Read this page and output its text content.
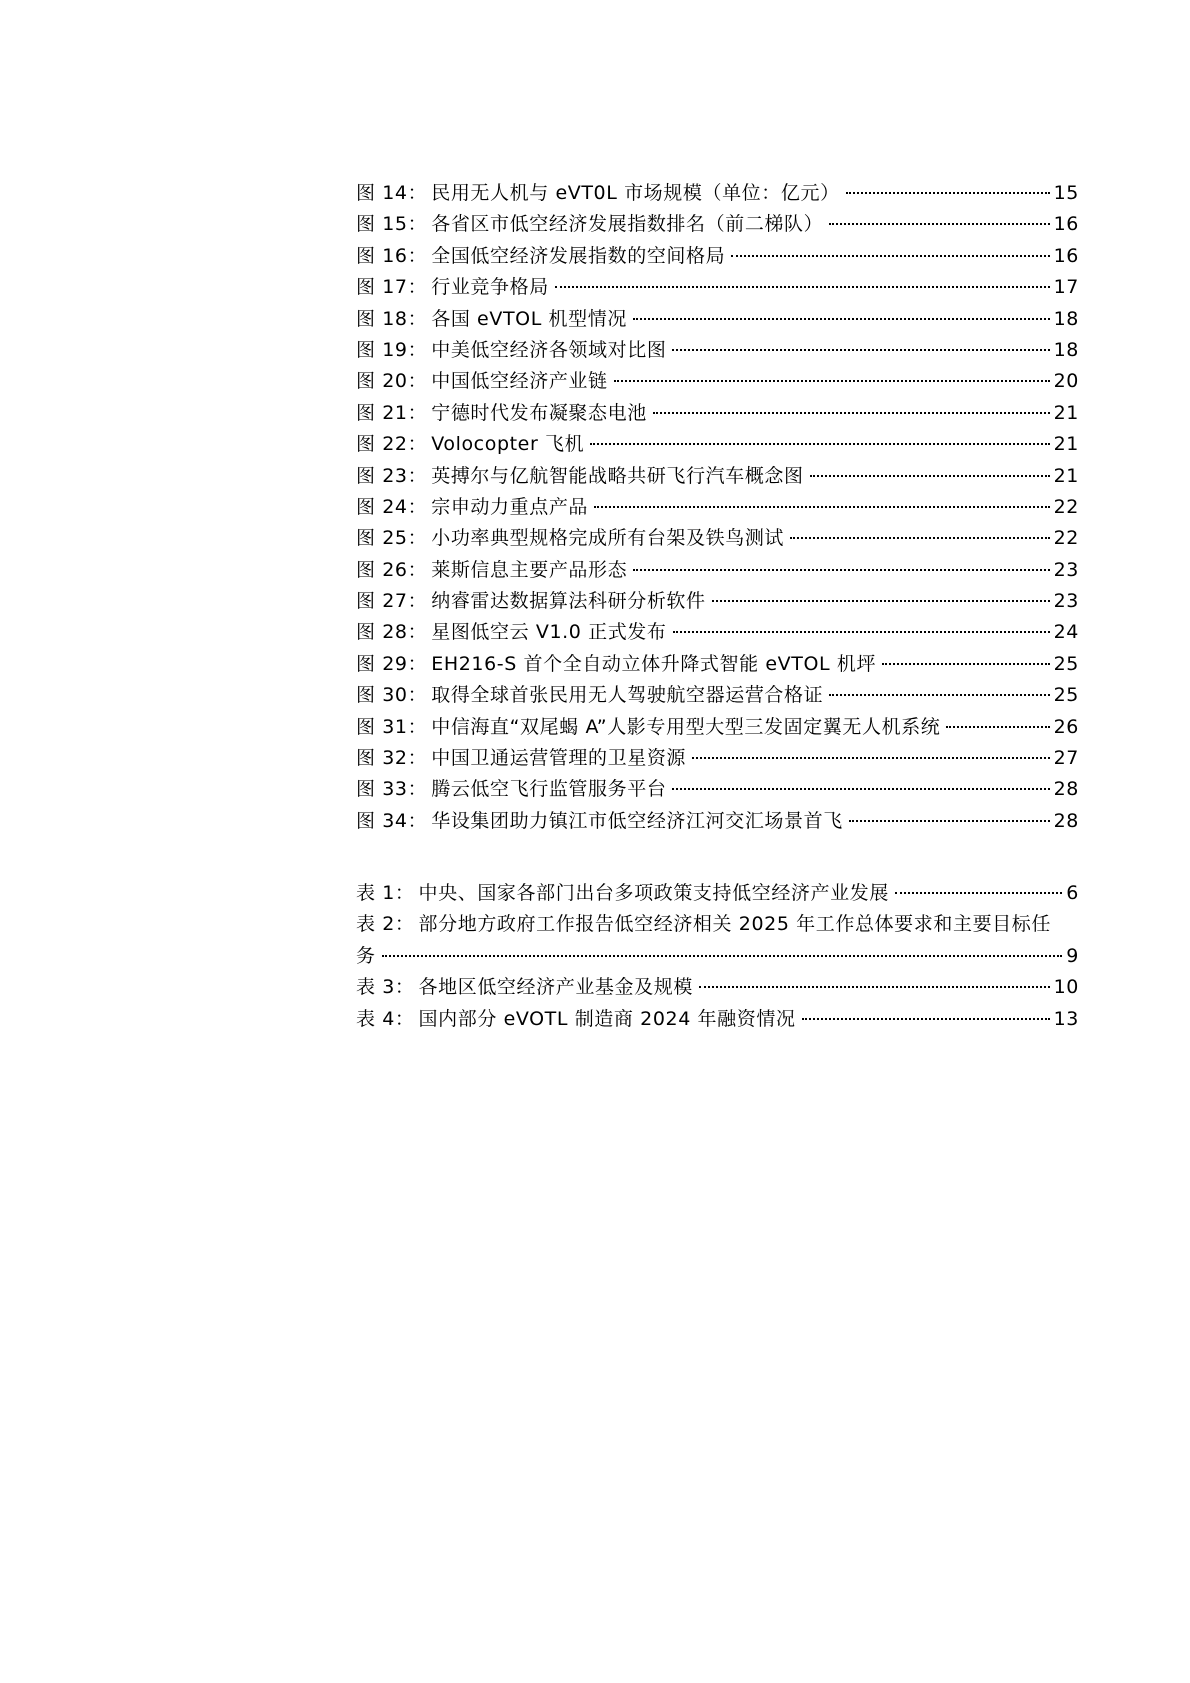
图 14： 民用无人机与 eVT0L 市场规模（单位：亿元）	15
图 15： 各省区市低空经济发展指数排名（前二梯队）	16
图 16： 全国低空经济发展指数的空间格局	16
图 17： 行业竞争格局	17
图 18： 各国 eVTOL 机型情况	18
图 19： 中美低空经济各领域对比图	18
图 20： 中国低空经济产业链	20
图 21： 宁德时代发布凝聚态电池	21
图 22： Volocopter 飞机	21
图 23： 英搏尔与亿航智能战略共研飞行汽车概念图	21
图 24： 宗申动力重点产品	22
图 25： 小功率典型规格完成所有台架及铁鸟测试	22
图 26： 莱斯信息主要产品形态	23
图 27： 纳睿雷达数据算法科研分析软件	23
图 28： 星图低空云 V1.0 正式发布	24
图 29： EH216-S 首个全自动立体升降式智能 eVTOL 机坪	25
图 30： 取得全球首张民用无人驾驶航空器运营合格证	25
图 31： 中信海直“双尾蝎 A”人影专用型大型三发固定翼无人机系统	26
图 32： 中国卫通运营管理的卫星资源	27
图 33： 腾云低空飞行监管服务平台	28
图 34： 华设集团助力镇江市低空经济江河交汇场景首飞	28
表 1： 中央、国家各部门出台多项政策支持低空经济产业发展	6
表 2： 部分地方政府工作报告低空经济相关 2025 年工作总体要求和主要目标任
务	9
表 3： 各地区低空经济产业基金及规模	10
表 4： 国内部分 eVOTL 制造商 2024 年融资情况	13
